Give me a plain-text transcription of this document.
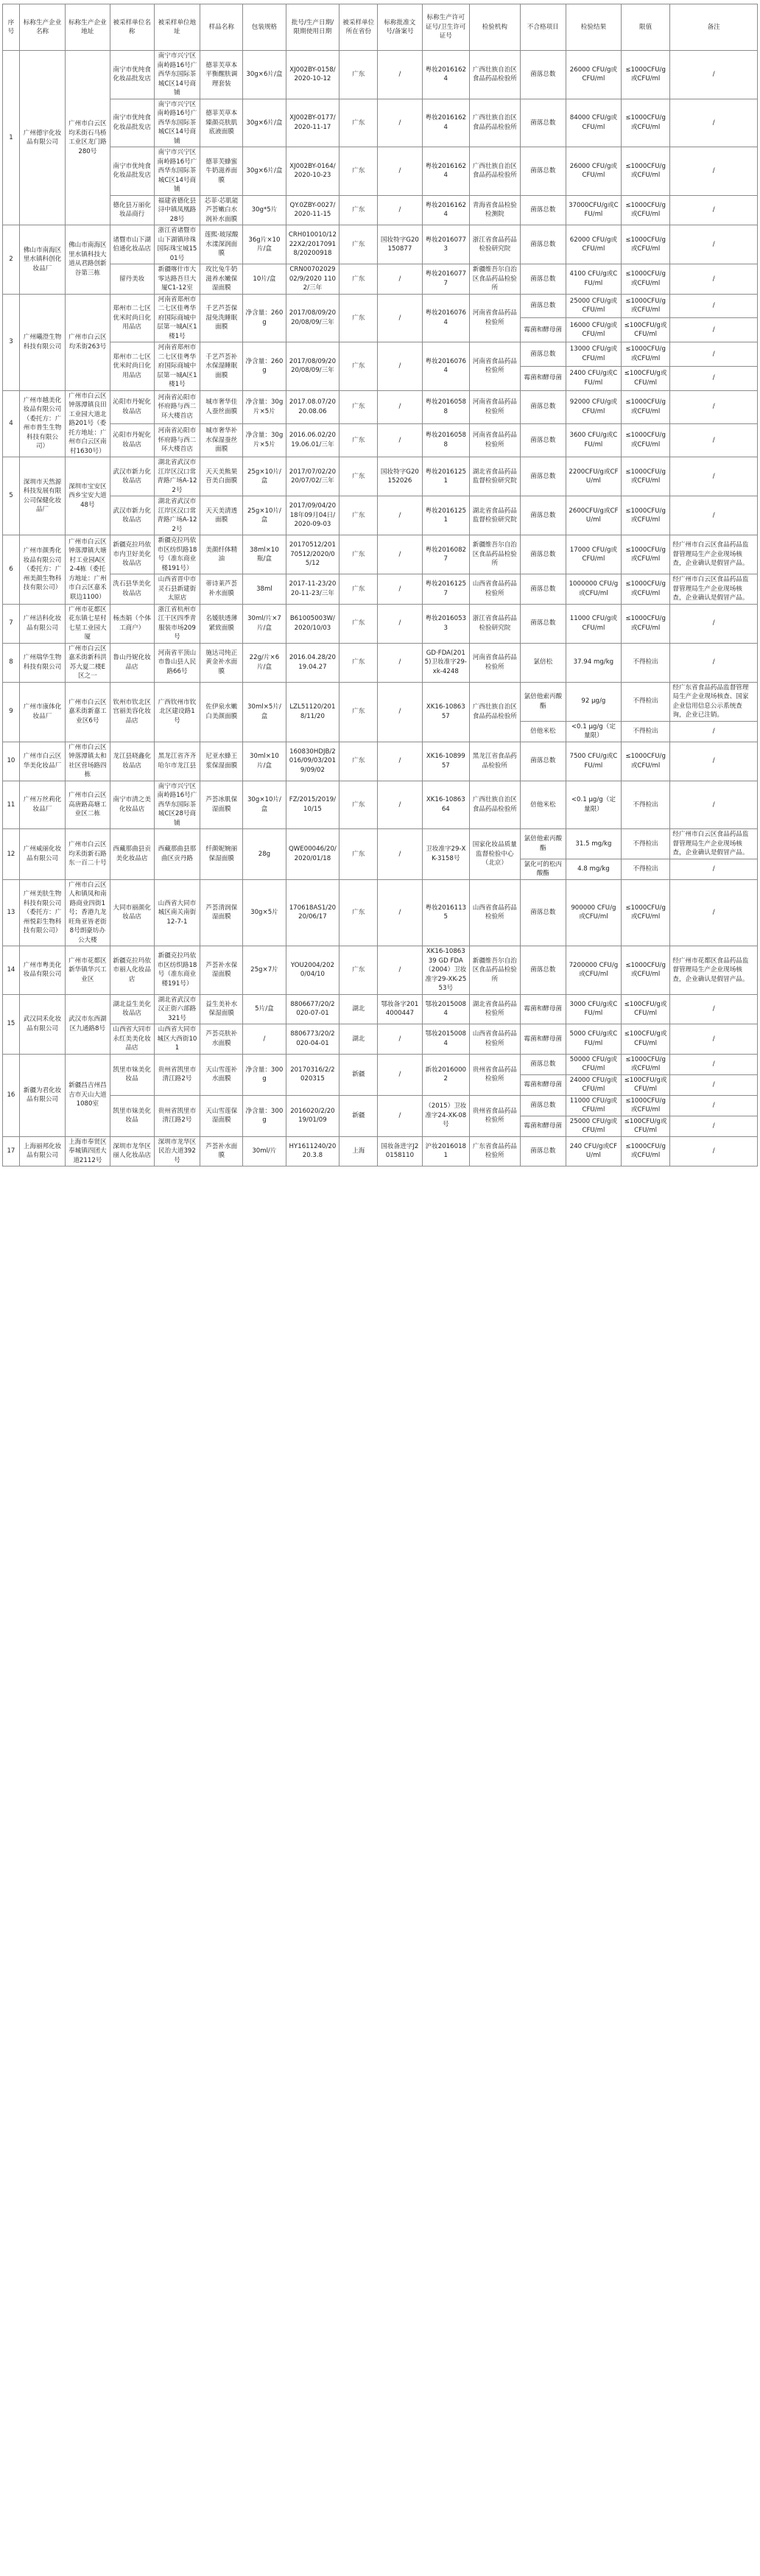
序号	标称生产企业名称	标称生产企业地址	被采样单位名称	被采样单位地址	样品名称	包装规格	批号/生产日期/限期使用日期	被采样单位所在省份	标称批准文号/备案号	标称生产许可证号/卫生许可证号	检验机构	不合格项目	检验结果	限值	备注
1	广州德宇化妆品有限公司	广州市白云区均禾街石马桥工业区龙门路280号	南宁市优纯食化妆品批发店	南宁市兴宁区南岭路16号广西华东国际茶城C区14号商铺	德菲芙草本平衡醒肤调理套装	30g×6片/盒	XJ002BY-0158/2020-10-12	广东	/	粤妆20161624	广西壮族自治区食品药品检验所	菌落总数	26000 CFU/g或CFU/ml	≤1000CFU/g或CFU/ml	/
			南宁市优纯食化妆品批发店	南宁市兴宁区南岭路16号广西华东国际茶城C区14号商铺	德菲芙草本臻颜亮肤肌底液面膜	30g×6片/盒	XJ002BY-0177/2020-11-17	广东	/	粤妆20161624	广西壮族自治区食品药品检验所	菌落总数	84000 CFU/g或CFU/ml	≤1000CFU/g或CFU/ml	/
			南宁市优纯食化妆品批发店	南宁市兴宁区南岭路16号广西华东国际茶城C区14号商铺	德菲芙蜂蜜牛奶滋养面膜	30g×6片/盒	XJ002BY-0164/2020-10-23	广东	/	粤妆20161624	广西壮族自治区食品药品检验所	菌落总数	26000 CFU/g或CFU/ml	≤1000CFU/g或CFU/ml	/
			德化县万丽化妆品商行	福建省德化县浔中镇凤凰路28号	芯菲·芯肌能芦荟嫩白水润补水面膜	30g*5片	QY.0ZBY-0027/2020-11-15	广东	/	粤妆20161624	青海省食品检验检测院	菌落总数	37000CFU/g或CFU/ml	≤1000CFU/g或CFU/ml	/
2	佛山市南海区里水镇科创化妆品厂	佛山市南海区里水镇科技大道从君路创新谷第三栋	诸暨市山下湖伯通化妆品店	浙江省诸暨市山下湖镇珍珠国际珠宝城1501号	莲熙·玻尿酸水漾深润面膜	36g片×10片/盒	CRH010010/1222X2/20170918/20200918	广东	国妆特字G20150877	粤妆20160773	浙江省食品药品检验研究院	菌落总数	62000 CFU/g或CFU/ml	≤1000CFU/g或CFU/ml	/
			留丹美妆	新疆喀什市大零达路吾旦大厦C1-12室	玫比兔牛奶滋养水嫩保湿面膜	10片/盒	CRN0070202902/9/2020 1102/三年	广东	/	粤妆20160777	新疆维吾尔自治区食品药品检验所	菌落总数	4100 CFU/g或CFU/ml	≤1000CFU/g或CFU/ml	/
3	广州曦澄生物科技有限公司	广州市白云区均禾街263号	郑州市二七区优米时尚日化用品店	河南省郑州市二七区佳粤华府国际商城中层第一城A区1楼1号	千艺芦荟保湿免洗睡眠面膜	净含量：260g	2017/08/09/2020/08/09/三年	广东	/	粤妆20160764	河南省食品药品检验所	菌落总数	25000 CFU/g或CFU/ml	≤1000CFU/g或CFU/ml	/
												霉菌和酵母菌	16000 CFU/g或CFU/ml	≤100CFU/g或CFU/ml	/
			郑州市二七区优米时尚日化用品店	河南省郑州市二七区佳粤华府国际商城中层第一城A区1楼1号	千艺芦荟补水保湿睡眠面膜	净含量：260g	2017/08/09/2020/08/09/三年	广东	/	粤妆20160764	河南省食品药品检验所	菌落总数	13000 CFU/g或CFU/ml	≤1000CFU/g或CFU/ml	/
												霉菌和酵母菌	2400 CFU/g或CFU/ml	≤100CFU/g或CFU/ml	/
4	广州市越美化妆品有限公司（委托方：广州市普生生物科技有限公司）	广州市白云区钟落潭镇良田工业园大道北路201号（委托方地址：广州市白云区南村1630号）	沁阳市丹妮化妆品店	河南省沁阳市怀府路与西二环大楼首店	城市奢华佳人蚕丝面膜	净含量：30g片×5片	2017.08.07/2020.08.06	广东	/	粤妆20160588	河南省食品药品检验所	菌落总数	92000 CFU/g或CFU/ml	≤1000CFU/g或CFU/ml	/
			沁阳市丹妮化妆品店	河南省沁阳市怀府路与西二环大楼首店	城市奢华补水保湿蚕丝面膜	净含量：30g片×5片	2016.06.02/2019.06.01/三年	广东	/	粤妆20160588	河南省食品药品检验所	菌落总数	3600 CFU/g或CFU/ml	≤1000CFU/g或CFU/ml	/
5	深圳市天然源科技发展有限公司保健化妆品厂	深圳市宝安区西乡宝安大道48号	武汉市新力化妆品店	湖北省武汉市江岸区汉口常青路广场A-122号	天天美熊果苷美白面膜	25g×10片/盒	2017/07/02/2020/07/02/三年	广东	国妆特字G20152026	粤妆20161251	湖北省食品药品监督检验研究院	菌落总数	2200CFU/g或CFU/ml	≤1000CFU/g或CFU/ml	/
			武汉市新力化妆品店	湖北省武汉市江岸区汉口常青路广场A-122号	天天美清透面膜	25g×10片/盒	2017/09/04/2018年09月04日/2020-09-03	广东	/	粤妆20161251	湖北省食品药品监督检验研究院	菌落总数	2600CFU/g或CFU/ml	≤1000CFU/g或CFU/ml	/
6	广州市颜秀化妆品有限公司（委托方：广州美颜生物科技有限公司）	广州市白云区钟落潭镇大塘村工业园A区2-4栋（委托方地址：广州市白云区嘉禾联边1100）	新疆克拉玛依市内卫好美化妆品店	新疆克拉玛依市区纺织路18号（准东商业楼191号）	美颜纤体精油	38ml×10瓶/盒	20170512/20170512/2020/05/12	广东	/	粤妆20160827	新疆维吾尔自治区食品药品检验所	菌落总数	17000 CFU/g或CFU/ml	≤1000CFU/g或CFU/ml	经广州市白云区食品药品监督管理局生产企业现场核查，企业确认是假冒产品。
			洗石县华美化妆品店	山西省晋中市灵石县新建街太原店	蒂诗莱芦荟补水面膜	38ml	2017-11-23/2020-11-23/三年	广东	/	粤妆20161257	山西省食品药品检验所	菌落总数	1000000 CFU/g或CFU/ml	≤1000CFU/g或CFU/ml	经广州市白云区食品药品监督管理局生产企业现场核查，企业确认是假冒产品。
7	广州洁科化妆品有限公司	广州市花都区花东镇七星村七星工业园大厦	杨杰娟（个体工商户）	浙江省杭州市江干区四季青服装市场209号	名媛肤透薄紧致面膜	30ml/片×7片/盒	B61005003W/2020/10/03	广东	/	粤妆20160533	浙江省食品药品检验研究院	菌落总数	11000 CFU/g或CFU/ml	≤1000CFU/g或CFU/ml	/
8	广州瑞华生物科技有限公司	广州市白云区嘉禾街新科洪苏大夏二楼E区之一	鲁山丹妮化妆品店	河南省平顶山市鲁山县人民路66号	施达司纯正黄金补水面膜	22g/片×6片/盒	2016.04.28/2019.04.27	广东	/	GD·FDA(2015)卫妆准字29-xk-4248	河南省食品药品检验所	氯倍松	37.94 mg/kg	不得检出	/
9	广州市康体化妆品厂	广州市白云区嘉禾街新嘉工业区6号	钦州市钦北区宫丽美容化妆品店	广西钦州市钦北区建设路1号	佐伊泉水嫩白美颜面膜	30ml×5片/盒	LZL51120/2018/11/20	广东	/	XK16-1086357	广西壮族自治区食品药品检验所	氯倍他索丙酸酯	92 μg/g	不得检出	经广东省食品药品监督管理局生产企业现场核查、国家企业信用信息公示系统查询，企业已注销。
												倍他米松	<0.1 μg/g（定量限）	不得检出	/
10	广州市白云区华美化妆品厂	广州市白云区钟落潭镇太和社区营场路四栋	龙江县晓鑫化妆品店	黑龙江省齐齐哈尔市龙江县	尼亚水蜂王浆保湿面膜	30ml×10片/盒	160830HDJB/2016/09/03/2019/09/02	广东	/	XK16-1089957	黑龙江省食品药品检验所	菌落总数	7500 CFU/g或CFU/ml	≤1000CFU/g或CFU/ml	/
11	广州万丝莉化妆品厂	广州市白云区高唐路高塘工业区二栋	南宁市清之美化妆品店	南宁市兴宁区南岭路16号广西华东国际茶城C区28号商铺	芦荟冰肌保湿面膜	30g×10片/盒	FZ/2015/2019/10/15	广东	/	XK16-1086364	广西壮族自治区食品药品检验所	倍他米松	<0.1 μg/g（定量限）	不得检出	/
12	广州威丽化妆品有限公司	广州市白云区均禾街新石路东一百二十号	西藏那曲县贡美化妆品店	西藏那曲县那曲区贡丹路	纤颜妮婉丽保湿面膜	28g	QWE00046/20/2020/01/18	广东	/	卫妆准字29-XK-3158号	国家化妆品质量监督检验中心（北京）	氯倍他索丙酸酯	31.5 mg/kg	不得检出	经广州市白云区食品药品监督管理局生产企业现场核查，企业确认是假冒产品。
												氯化可的松丙酸酯	4.8 mg/kg	不得检出	/
13	广州美肤生物科技有限公司（委托方：广州悦彩生物科技有限公司）	广州市白云区人和镇凤和南路商业四街1号；香港九龙旺角亚皆老街8号朗豪坊办公大楼	大同市丽颜化妆品店	山西省大同市城区南关南街12-7-1	芦荟清润保湿面膜	30g×5片	170618AS1/2020/06/17	广东	/	粤妆20161135	山西省食品药品检验所	菌落总数	900000 CFU/g或CFU/ml	≤1000CFU/g或CFU/ml	/
14	广州市粤美化妆品有限公司	广州市花都区新华镇华兴工业区	新疆克拉玛依市丽人化妆品店	新疆克拉玛依市区纺织路18号（准东商业楼191号）	芦荟补水保湿面膜	25g×7片	YOU2004/2020/04/10	广东	/	XK16-1086339 GD FDA（2004）卫妆准字29-XK-2553号	新疆维吾尔自治区食品药品检验所	菌落总数	7200000 CFU/g或CFU/ml	≤1000CFU/g或CFU/ml	经广州市花都区食品药品监督管理局生产企业现场核查，企业确认是假冒产品。
15	武汉同禾化妆品有限公司	武汉市东西湖区九通路8号	湖北益生美化妆品店	湖北省武汉市汉正街六部路321号	益生美补水保湿面膜	5片/盒	8806677/20/2020-07-01	湖北	鄂妆备字2014000447	鄂妆20150084	湖北省食品药品检验所	霉菌和酵母菌	3000 CFU/g或CFU/ml	≤100CFU/g或CFU/ml	/
			山西省大同市永红美美化妆品店	山西省大同市城区大西街101	芦荟亮肤补水面膜	/	8806773/20/2020-04-01	湖北	/	鄂妆20150084	山西省食品药品检验所	霉菌和酵母菌	5000 CFU/g或CFU/ml	≤100CFU/g或CFU/ml	/
16	新疆为君化妆品有限公司	新疆昌吉州昌吉市天山大道1080室	凯里市妹美化妆品	贵州省凯里市清江路2号	天山雪莲补水面膜	净含量：300g	20170316/2/2020315	新疆	/	新妆20160002	贵州省食品药品检验所	菌落总数	50000 CFU/g或CFU/ml	≤1000CFU/g或CFU/ml	/
												霉菌和酵母菌	24000 CFU/g或CFU/ml	≤100CFU/g或CFU/ml	/
			凯里市妹美化妆品	贵州省凯里市清江路2号	天山雪莲保湿面膜	净含量：300g	2016020/2/2019/01/09	新疆	/	（2015）卫妆准字24-XK-08号	贵州省食品药品检验所	菌落总数	11000 CFU/g或CFU/ml	≤1000CFU/g或CFU/ml	/
												霉菌和酵母菌	25000 CFU/g或CFU/ml	≤100CFU/g或CFU/ml	/
17	上海丽邦化妆品有限公司	上海市奉贤区奉城镇四团大道2112号	深圳市龙华区丽人化妆品店	深圳市龙华区民治大道392号	芦荟补水面膜	30ml/片	HY1611240/2020.3.8	上海	国妆备进字J20158110	沪妆20160181	广东省食品药品检验所	菌落总数	240 CFU/g或CFU/ml	≤1000CFU/g或CFU/ml	/
